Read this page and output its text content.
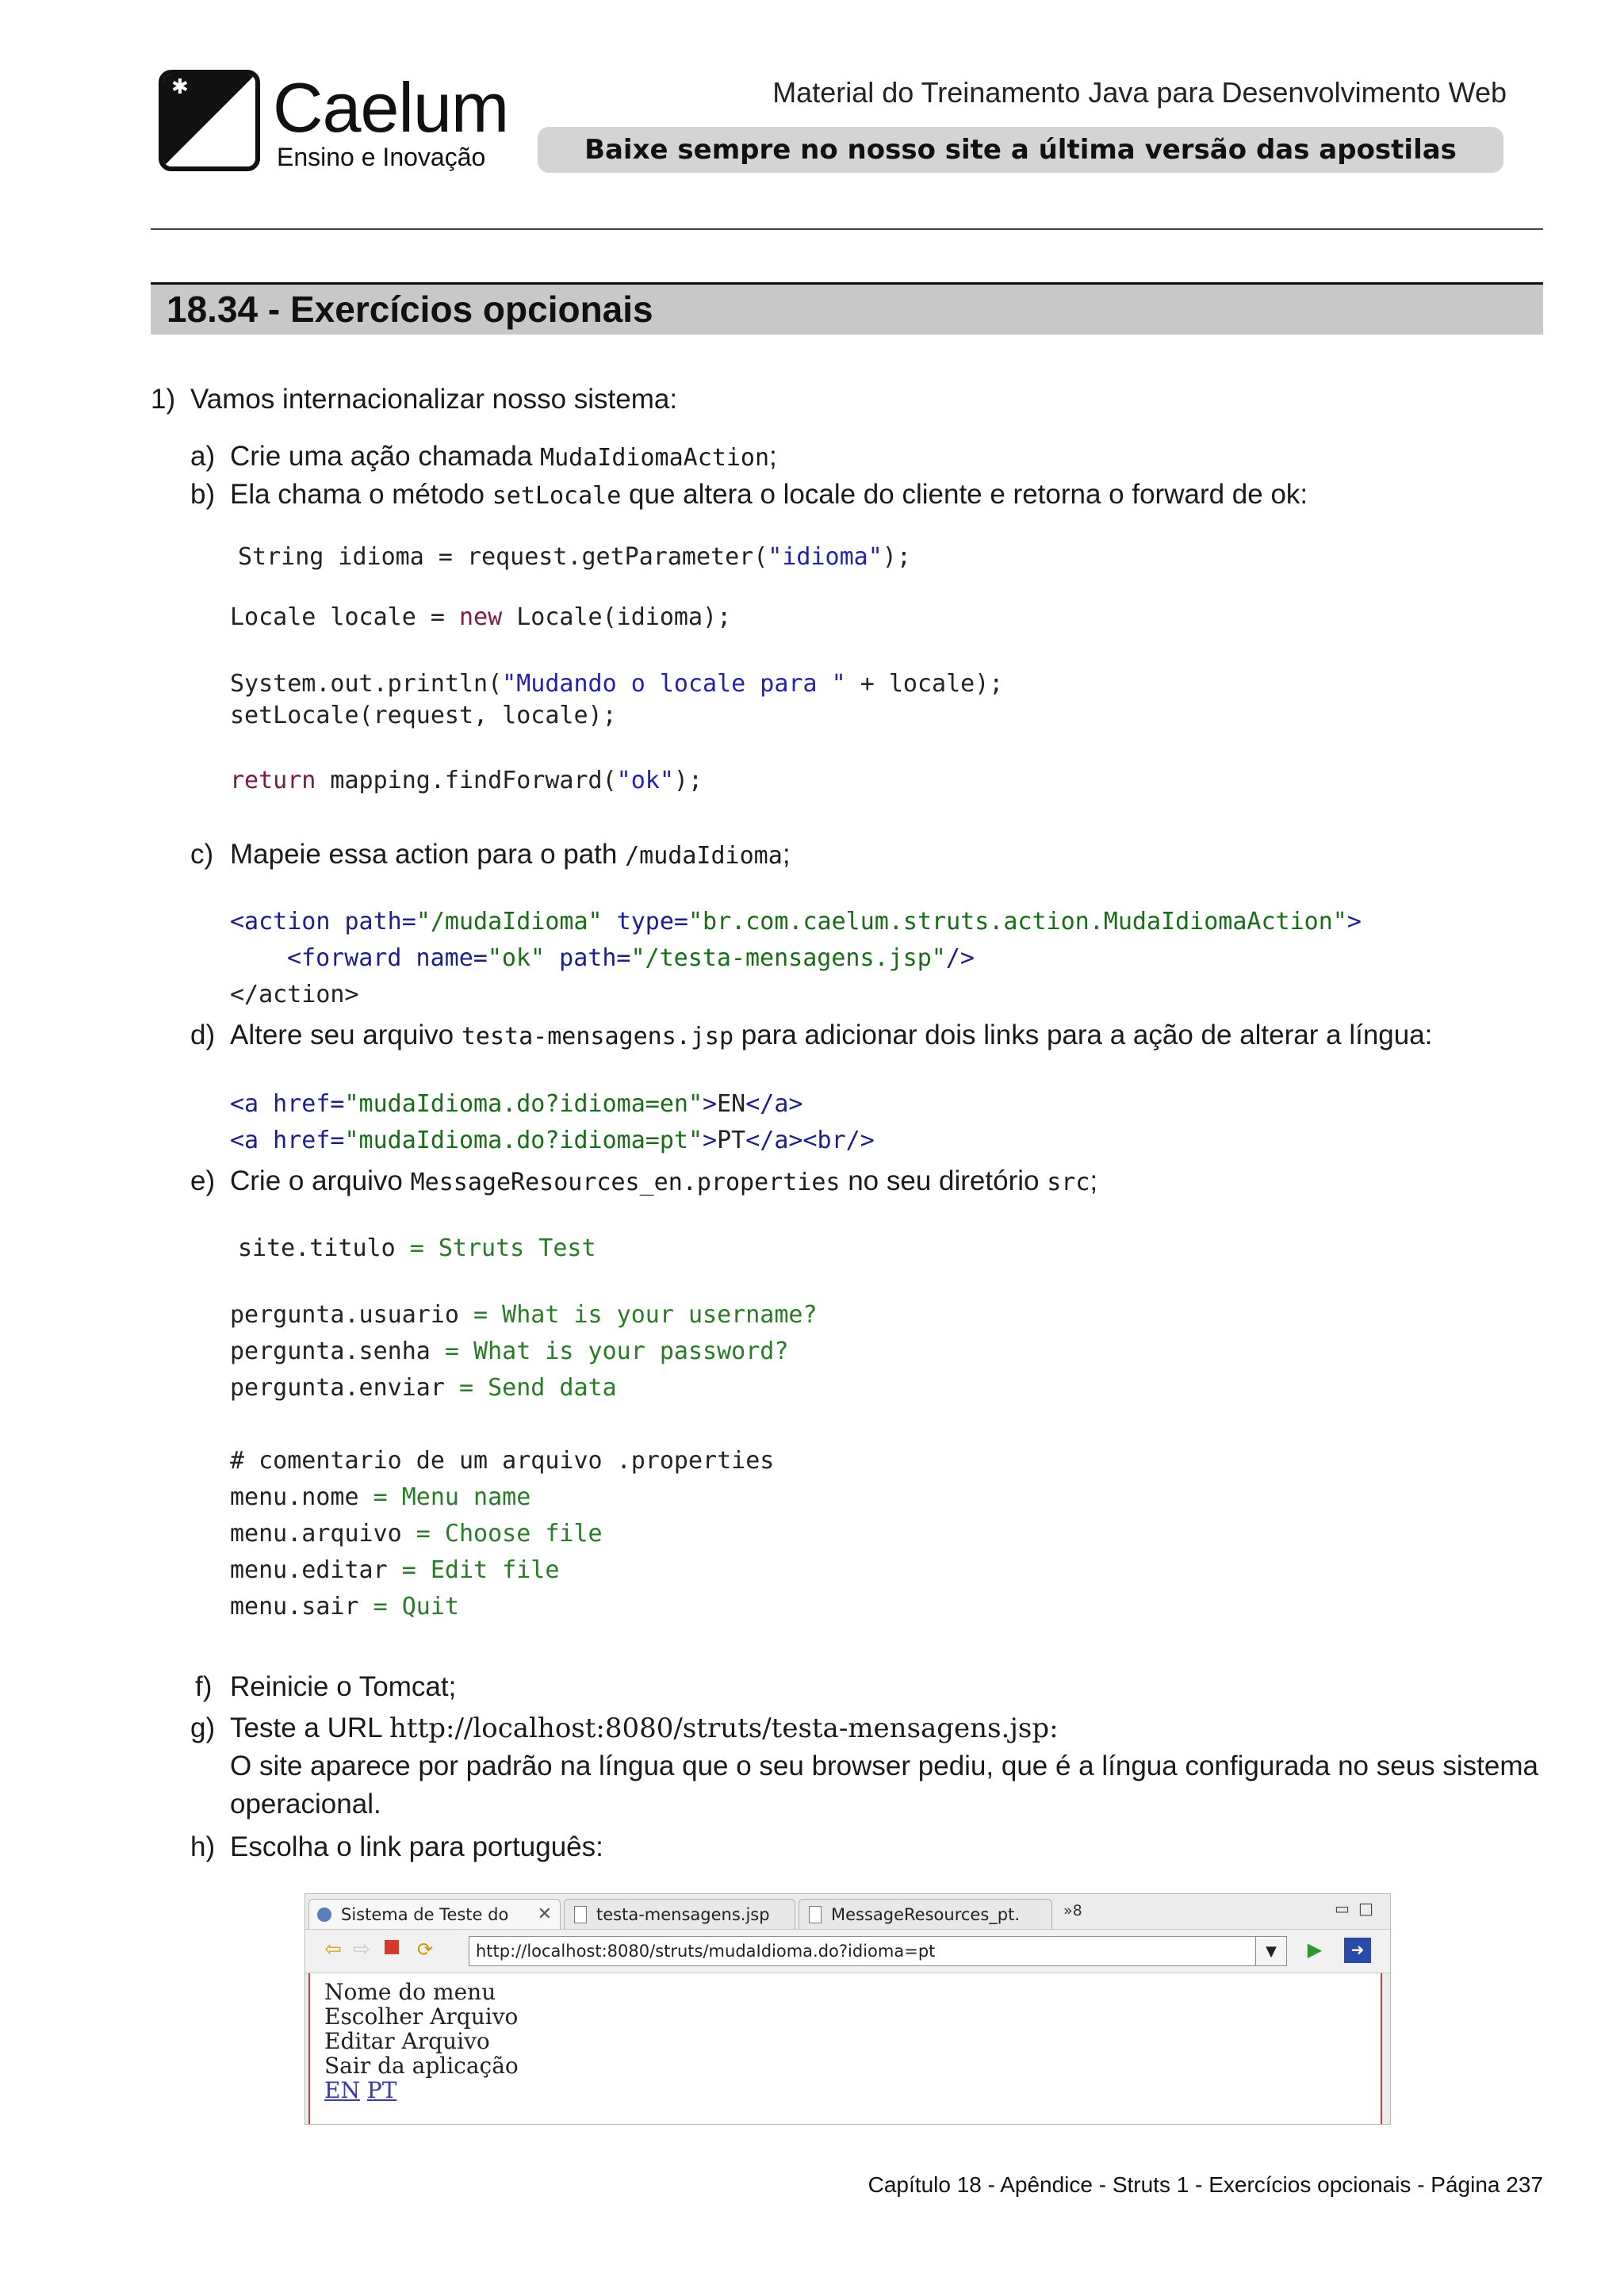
✱ Caelum
Ensino e Inovação
Material do Treinamento Java para Desenvolvimento Web
Baixe sempre no nosso site a última versão das apostilas
18.34 - Exercícios opcionais
1) Vamos internacionalizar nosso sistema:
a) Crie uma ação chamada MudaIdiomaAction;
b) Ela chama o método setLocale que altera o locale do cliente e retorna o forward de ok:
String idioma = request.getParameter("idioma");
Locale locale = new Locale(idioma);
System.out.println("Mudando o locale para " + locale);
setLocale(request, locale);
return mapping.findForward("ok");
c) Mapeie essa action para o path /mudaIdioma;
<action path="/mudaIdioma" type="br.com.caelum.struts.action.MudaIdiomaAction">
<forward name="ok" path="/testa-mensagens.jsp"/>
</action>
d) Altere seu arquivo testa-mensagens.jsp para adicionar dois links para a ação de alterar a língua:
<a href="mudaIdioma.do?idioma=en">EN</a>
<a href="mudaIdioma.do?idioma=pt">PT</a><br/>
e) Crie o arquivo MessageResources_en.properties no seu diretório src;
site.titulo = Struts Test
pergunta.usuario = What is your username?
pergunta.senha = What is your password?
pergunta.enviar = Send data
# comentario de um arquivo .properties
menu.nome = Menu name
menu.arquivo = Choose file
menu.editar = Edit file
menu.sair = Quit
f) Reinicie o Tomcat;
g) Teste a URL http://localhost:8080/struts/testa-mensagens.jsp:
O site aparece por padrão na língua que o seu browser pediu, que é a língua configurada no seus sistema
operacional.
h) Escolha o link para português:
Sistema de Teste do ✕	testa-mensagens.jsp	MessageResources_pt.	»8	▭ □
⇦ ⇨ ⟳
http://localhost:8080/struts/mudaIdioma.do?idioma=pt	▼	▶	➜
Nome do menu
Escolher Arquivo
Editar Arquivo
Sair da aplicação
EN PT
Capítulo 18 - Apêndice - Struts 1 - Exercícios opcionais - Página 237
